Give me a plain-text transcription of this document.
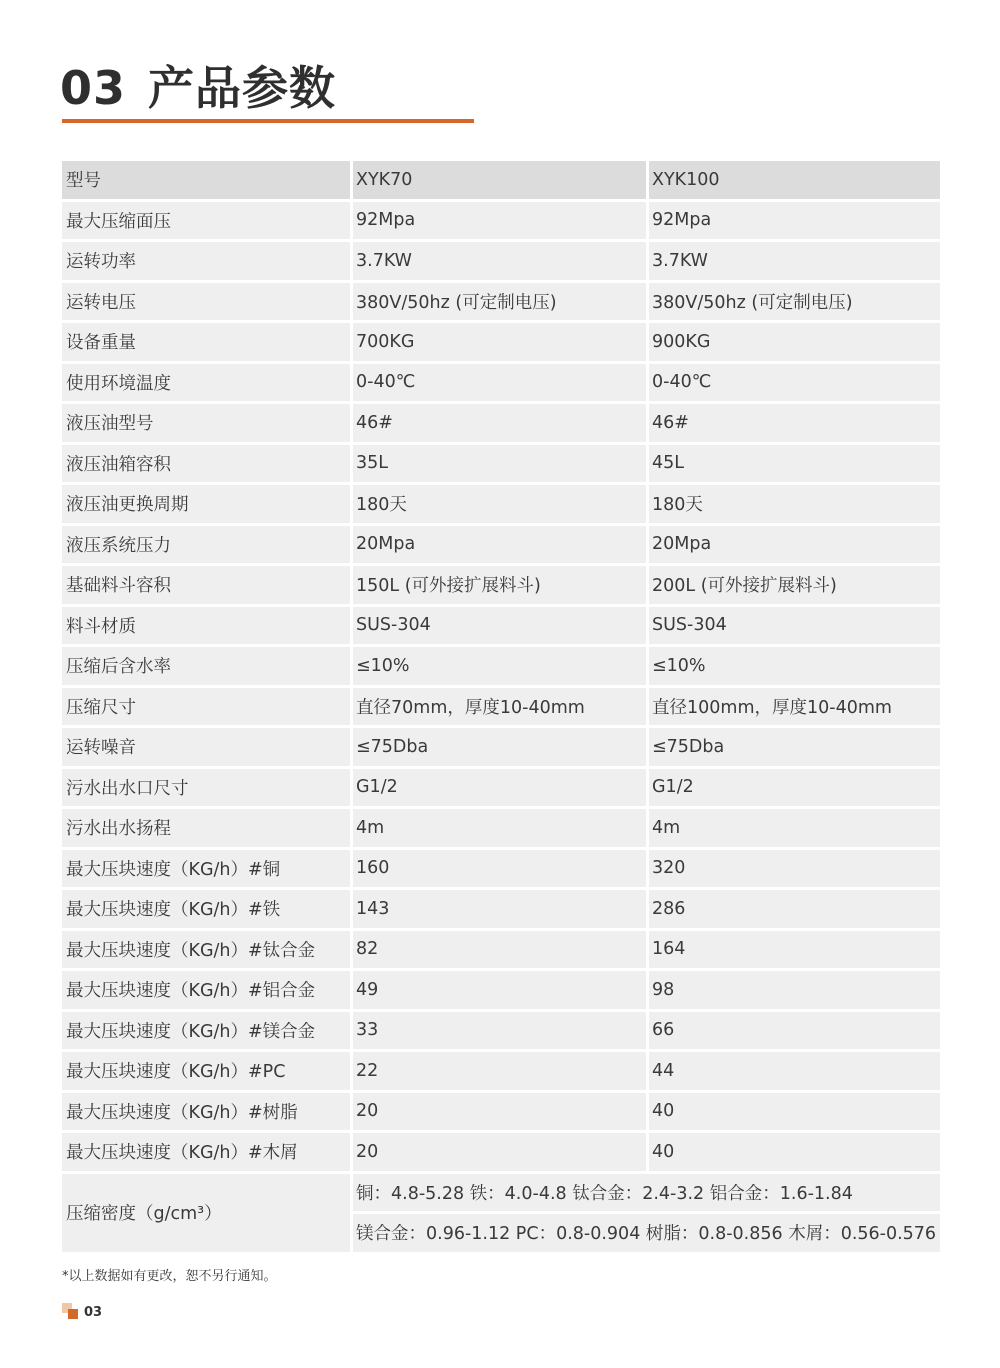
03 产品参数
型号	XYK70	XYK100
最大压缩面压	92Mpa	92Mpa
运转功率	3.7KW	3.7KW
运转电压	380V/50hz (可定制电压)	380V/50hz (可定制电压)
设备重量	700KG	900KG
使用环境温度	0-40℃	0-40℃
液压油型号	46#	46#
液压油箱容积	35L	45L
液压油更换周期	180天	180天
液压系统压力	20Mpa	20Mpa
基础料斗容积	150L (可外接扩展料斗)	200L (可外接扩展料斗)
料斗材质	SUS-304	SUS-304
压缩后含水率	≤10%	≤10%
压缩尺寸	直径70mm，厚度10-40mm	直径100mm，厚度10-40mm
运转噪音	≤75Dba	≤75Dba
污水出水口尺寸	G1/2	G1/2
污水出水扬程	4m	4m
最大压块速度（KG/h）#铜	160	320
最大压块速度（KG/h）#铁	143	286
最大压块速度（KG/h）#钛合金	82	164
最大压块速度（KG/h）#铝合金	49	98
最大压块速度（KG/h）#镁合金	33	66
最大压块速度（KG/h）#PC	22	44
最大压块速度（KG/h）#树脂	20	40
最大压块速度（KG/h）#木屑	20	40
压缩密度（g/cm³）	铜：4.8-5.28 铁：4.0-4.8 钛合金：2.4-3.2 铝合金：1.6-1.84	
	镁合金：0.96-1.12 PC：0.8-0.904 树脂：0.8-0.856 木屑：0.56-0.576	
*以上数据如有更改，恕不另行通知。
03
